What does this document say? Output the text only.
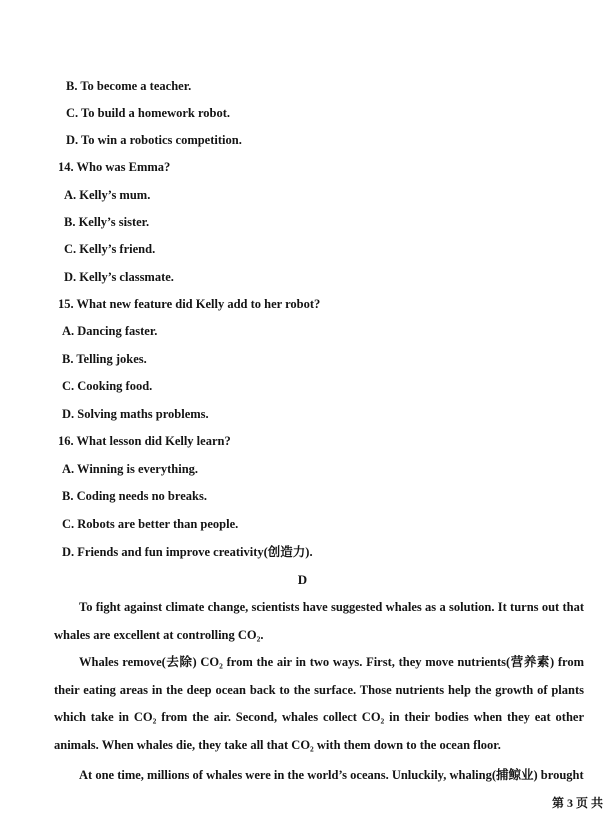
B. To become a teacher.
C. To build a homework robot.
D. To win a robotics competition.
14. Who was Emma?
A. Kelly’s mum.
B. Kelly’s sister.
C. Kelly’s friend.
D. Kelly’s classmate.
15. What new feature did Kelly add to her robot?
A. Dancing faster.
B. Telling jokes.
C. Cooking food.
D. Solving maths problems.
16. What lesson did Kelly learn?
A. Winning is everything.
B. Coding needs no breaks.
C. Robots are better than people.
D. Friends and fun improve creativity(创造力).
D
To fight against climate change, scientists have suggested whales as a solution. It turns out that whales are excellent at controlling CO₂.
Whales remove(去除) CO₂ from the air in two ways. First, they move nutrients(营养素) from their eating areas in the deep ocean back to the surface. Those nutrients help the growth of plants which take in CO₂ from the air. Second, whales collect CO₂ in their bodies when they eat other animals. When whales die, they take all that CO₂ with them down to the ocean floor.
At one time, millions of whales were in the world’s oceans. Unluckily, whaling(捕鲸业) brought
第 3 页 共
